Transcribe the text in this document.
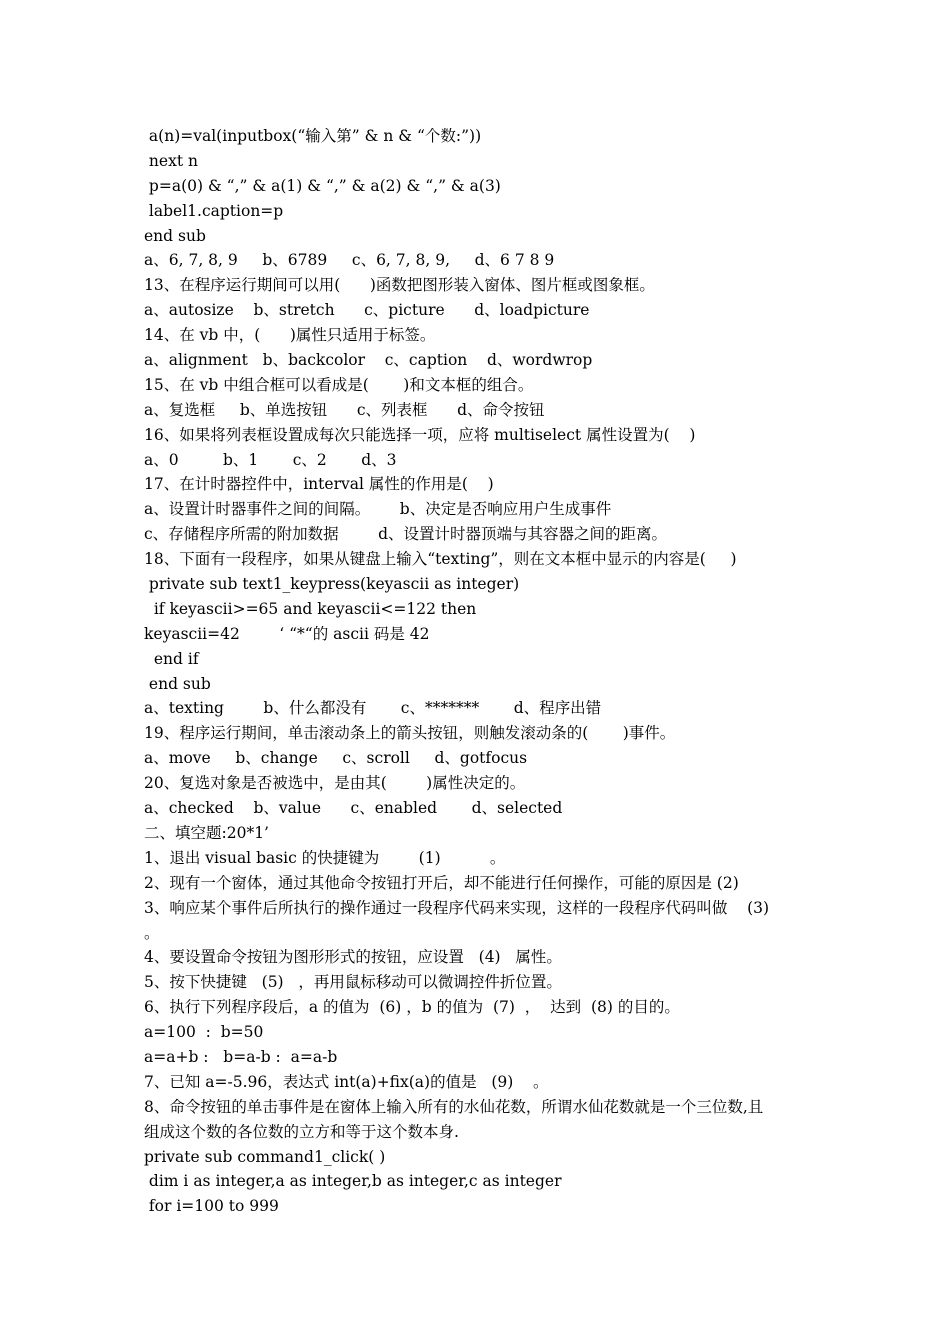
a(n)=val(inputbox(“输入第” & n & “个数:”))
next n
p=a(0) & “,” & a(1) & “,” & a(2) & “,” & a(3)
label1.caption=p
end sub
a、6, 7, 8, 9     b、6789     c、6, 7, 8, 9,     d、6 7 8 9
13、在程序运行期间可以用(      )函数把图形装入窗体、图片框或图象框。
a、autosize    b、stretch      c、picture      d、loadpicture
14、在 vb 中，(      )属性只适用于标签。
a、alignment   b、backcolor    c、caption    d、wordwrop
15、在 vb 中组合框可以看成是(       )和文本框的组合。
a、复选框     b、单选按钮      c、列表框      d、命令按钮
16、如果将列表框设置成每次只能选择一项，应将 multiselect 属性设置为(    )
a、0         b、1       c、2       d、3
17、在计时器控件中，interval 属性的作用是(    )
a、设置计时器事件之间的间隔。      b、决定是否响应用户生成事件
c、存储程序所需的附加数据        d、设置计时器顶端与其容器之间的距离。
18、下面有一段程序，如果从键盘上输入“texting”，则在文本框中显示的内容是(     )
private sub text1_keypress(keyascii as integer)
if keyascii>=65 and keyascii<=122 then
keyascii=42        ‘ “*“的 ascii 码是 42
end if
end sub
a、texting        b、什么都没有       c、*******       d、程序出错
19、程序运行期间，单击滚动条上的箭头按钮，则触发滚动条的(       )事件。
a、move     b、change     c、scroll     d、gotfocus
20、复选对象是否被选中，是由其(        )属性决定的。
a、checked    b、value      c、enabled       d、selected
二、填空题:20*1’
1、退出 visual basic 的快捷键为        (1)          。
2、现有一个窗体，通过其他命令按钮打开后，却不能进行任何操作，可能的原因是 (2)
3、响应某个事件后所执行的操作通过一段程序代码来实现，这样的一段程序代码叫做    (3)
。
4、要设置命令按钮为图形形式的按钮，应设置   (4)   属性。
5、按下快捷键   (5)   ，再用鼠标移动可以微调控件折位置。
6、执行下列程序段后，a 的值为  (6) ，b 的值为  (7)  ，  达到  (8) 的目的。
a=100  :  b=50
a=a+b :   b=a-b :  a=a-b
7、已知 a=-5.96，表达式 int(a)+fix(a)的值是   (9)    。
8、命令按钮的单击事件是在窗体上输入所有的水仙花数，所谓水仙花数就是一个三位数,且
组成这个数的各位数的立方和等于这个数本身.
private sub command1_click( )
dim i as integer,a as integer,b as integer,c as integer
for i=100 to 999
